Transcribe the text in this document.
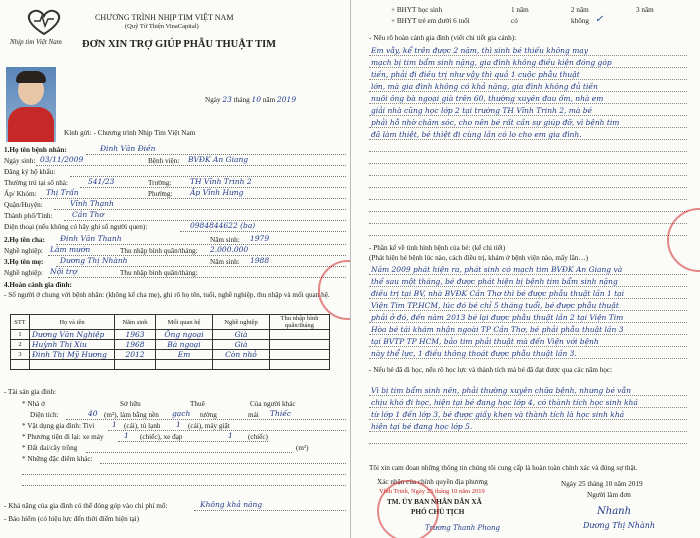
Nhịp tim Việt Nam
CHƯƠNG TRÌNH NHỊP TIM VIỆT NAM
(Quỹ Từ Thiện VinaCapital)
ĐƠN XIN TRỢ GIÚP PHẪU THUẬT TIM
Ngày 23 tháng 10 năm 2019
Kính gửi: - Chương trình Nhịp Tim Việt Nam
1.Họ tên bệnh nhân:	Đinh Văn Điền
Ngày sinh: 03/11/2009	Bệnh viện: BVĐK An Giang
Đăng ký hộ khẩu:
Thường trú tại số nhà:	541/23	Trường: TH Vĩnh Trinh 2
Ấp/ Khóm: Thị Trấn	Phường: Ấp Vĩnh Hưng
Quận/Huyện:	Vĩnh Thạnh
Thành phố/Tỉnh:	Cần Thơ
Điện thoại (nếu không có hãy ghi số người quen):	0984844622 (ba)
2.Họ tên cha: Đinh Văn Thanh	Năm sinh: 1979
Nghề nghiệp: Làm mướn	Thu nhập bình quân/tháng: 2.000.000
3.Họ tên mẹ: Dương Thị Nhành	Năm sinh: 1988
Nghề nghiệp: Nội trợ	Thu nhập bình quân/tháng:
4.Hoàn cảnh gia đình:
- Số người ở chung với bệnh nhân: (không kể cha mẹ), ghi rõ họ tên, tuổi, nghề nghiệp, thu nhập và mối quan hệ.
STT	Họ và tên	Năm sinh	Mối quan hệ	Nghề nghiệp	Thu nhập bình quân/tháng
1	Dương Văn Nghiệp	1963	Ông ngoại	Già	
2	Huỳnh Thị Xiu	1968	Bà ngoại	Già	
3	Đinh Thị Mỹ Hương	2012	Em	Còn nhỏ	

- Tài sản gia đình:
* Nhà ở	Sở hữu	Thuê	Của người khác
Diện tích:	40 (m²), làm bằng nền gạch tường	mái Thiếc
* Vật dụng gia đình: Tivi 1 (cái), tủ lạnh 1 (cái), máy giặt
* Phương tiện đi lại: xe máy	1 (chiếc), xe đạp	1 (chiếc)
* Đất đai/cây trồng	(m²)
* Những đặc điểm khác:
- Khả năng của gia đình có thể đóng góp vào chi phí mổ:	Không khả năng
- Bảo hiểm (có hiệu lực đến thời điểm hiện tại)
+ BHYT học sinh	1 năm	2 năm	3 năm
+ BHYT trẻ em dưới 6 tuổi	có	không ✓
- Nêu rõ hoàn cảnh gia đình (viết chi tiết gia cảnh):
Em vẫy, kể trên được 2 năm, thì sinh bé thiếu không may
mạch bị tim bẩm sinh nặng, gia đình không điều kiện đóng góp
tiền, phải đi điều trị như vậy thì quả 1 cuộc phẫu thuật
lớn, mà gia đình không có khả năng, gia đình không đủ tiền
nuôi ông bà ngoại già trên 60, thường xuyên đau ốm, nhà em
giải nhà cũng học lớp 2 tại trường TH Vĩnh Trinh 2, mà bé
phải hỗ nhờ chăm sóc, cho nên bé rất cần sự giúp đỡ, vì bệnh tim
đã làm thiệt, bé thiệt đi cùng lần có lo cho em gia đình.
- Phần kể về tình hình bệnh của bé: (kể chi tiết)
(Phát hiện bé bệnh lúc nào, cách điều trị, khám ở bệnh viện nào, mấy lần…)
Năm 2009 phát hiện ra, phát sinh có mạch tim BVĐK An Giang và
thế sau một tháng, bé được phát hiện bị bệnh tim bẩm sinh nặng
điều trị tại BV, nhà BVĐK Cần Thơ thì bé được phẫu thuật lần 1 tại
Viện Tim TP.HCM, lúc đó bé chỉ 5 tháng tuổi, bé được phẫu thuật
phải ở đó, đến năm 2013 bé lại được phẫu thuật lần 2 tại Viện Tim
Hòa bé tái khám nhận ngoài TP Cần Thơ, bé phải phẫu thuật lần 3
tại BVTP TP HCM, bảo tim phải thuật mà đến Viện với bệnh
này thể lực, 1 điều thông thoát được phẫu thuật lần 3.
- Nếu bé đã đi học, nếu rõ học lực và thành tích mà bé đã đạt được qua các năm học:
Vì bị tim bẩm sinh nên, phải thường xuyên chữa bệnh, nhưng bé vẫn
chịu khó đi học, hiện tại bé đang học lớp 4, có thành tích học sinh khá
từ lớp 1 đến lớp 3, bé được giấy khen và thành tích là học sinh khá
hiện tại bé đang học lớp 5.
Tôi xin cam đoan những thông tin chúng tôi cung cấp là hoàn toàn chính xác và đúng sự thật.
Xác nhận của chính quyền địa phương
Vĩnh Trinh, Ngày 25 tháng 10 năm 2019
TM. ỦY BAN NHÂN DÂN XÃ
PHÓ CHỦ TỊCH
Trương Thanh Phong
Ngày 25 tháng 10 năm 2019
Người làm đơn
Nhanh
Dương Thị Nhành
